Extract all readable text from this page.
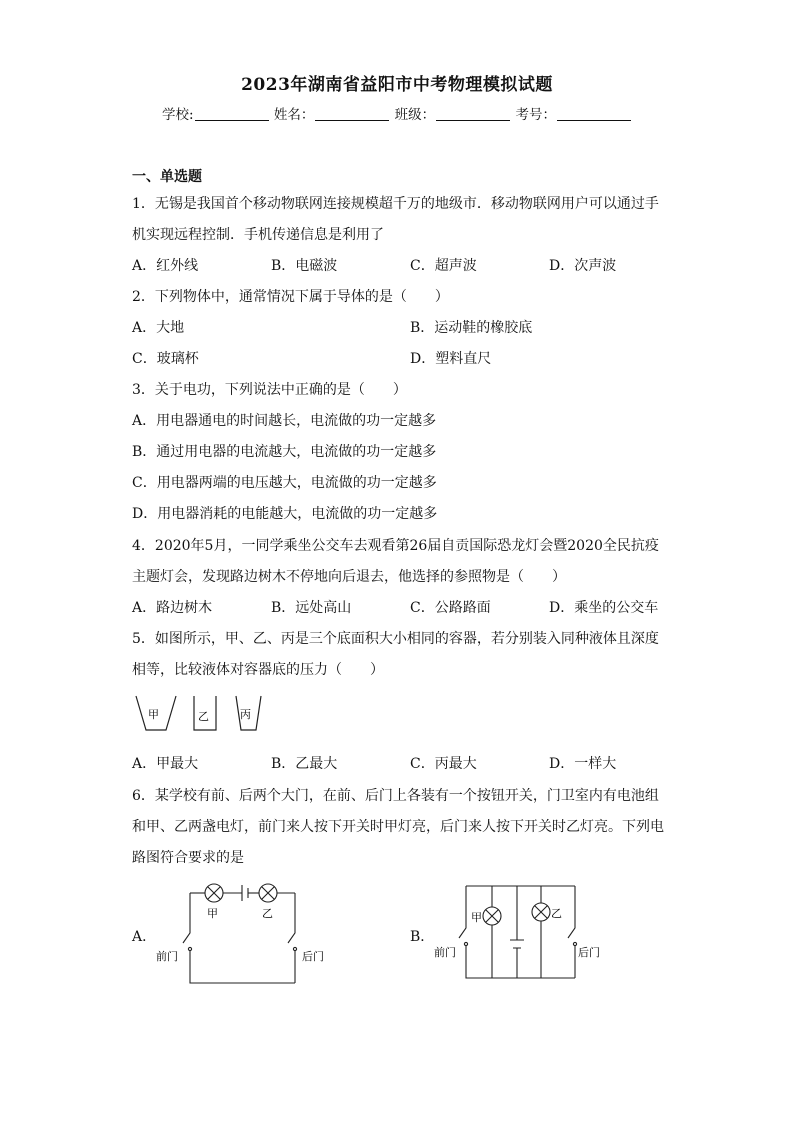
2023年湖南省益阳市中考物理模拟试题
学校:	姓名：	班级：	考号：
一、单选题
1．无锡是我国首个移动物联网连接规模超千万的地级市．移动物联网用户可以通过手
机实现远程控制．手机传递信息是利用了
A．红外线	B．电磁波	C．超声波	D．次声波
2．下列物体中，通常情况下属于导体的是（　　）
A．大地	B．运动鞋的橡胶底
C．玻璃杯	D．塑料直尺
3．关于电功，下列说法中正确的是（　　）
A．用电器通电的时间越长，电流做的功一定越多
B．通过用电器的电流越大，电流做的功一定越多
C．用电器两端的电压越大，电流做的功一定越多
D．用电器消耗的电能越大，电流做的功一定越多
4．2020年5月，一同学乘坐公交车去观看第26届自贡国际恐龙灯会暨2020全民抗疫
主题灯会，发现路边树木不停地向后退去，他选择的参照物是（　　）
A．路边树木	B．远处高山	C．公路路面	D．乘坐的公交车
5．如图所示，甲、乙、丙是三个底面积大小相同的容器，若分别装入同种液体且深度
相等，比较液体对容器底的压力（　　）
甲	乙	丙
A．甲最大	B．乙最大	C．丙最大	D．一样大
6．某学校有前、后两个大门，在前、后门上各装有一个按钮开关，门卫室内有电池组
和甲、乙两盏电灯，前门来人按下开关时甲灯亮，后门来人按下开关时乙灯亮。下列电
路图符合要求的是
A．
甲	乙
前门	后门
B．
甲	乙
前门	后门
